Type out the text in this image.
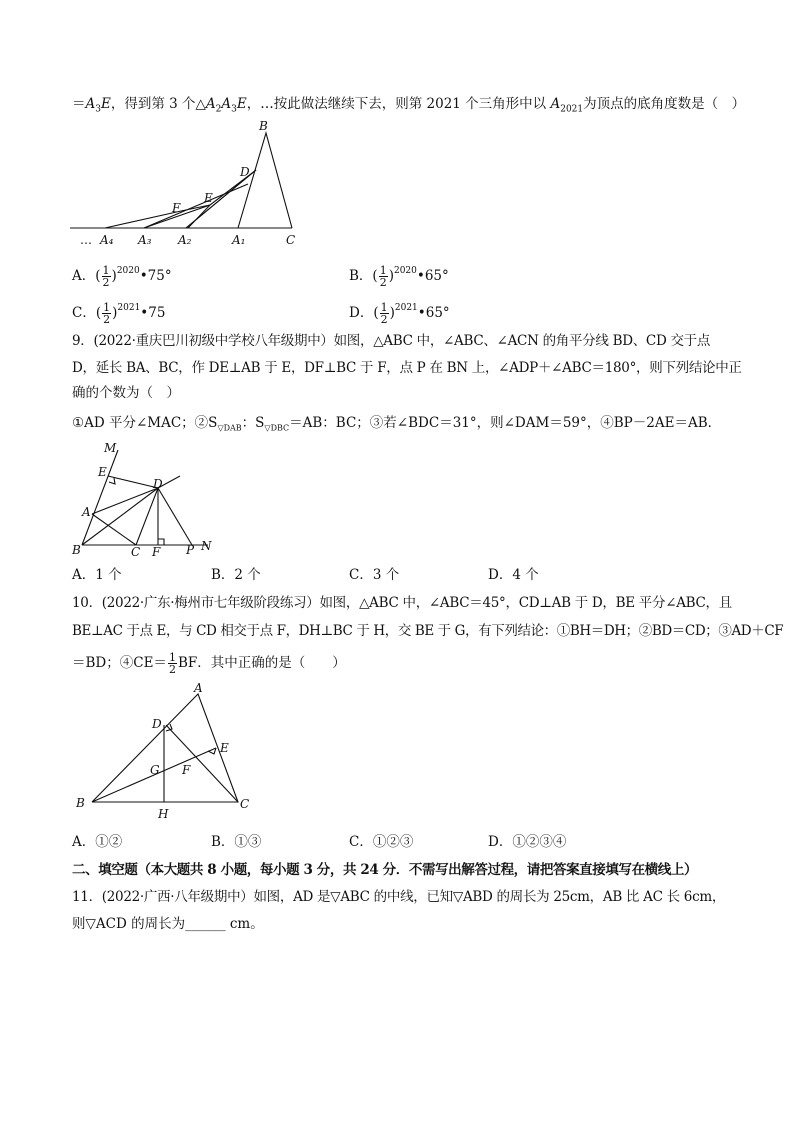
$=A_3E$，得到第 3 个$\triangle A_2A_3E$，…按此做法继续下去，则第 2021 个三角形中以 $A_{2021}$为顶点的底角度数是（　）
B
D
E
F
… A₄ A₃ A₂	A₁	C
A．( $\frac{1}{2}$ )$^{2020}$•75°	B．( $\frac{1}{2}$ )$^{2020}$•65°
C．( $\frac{1}{2}$ )$^{2021}$•75	D．( $\frac{1}{2}$ )$^{2021}$•65°
9．(2022·重庆巴川初级中学校八年级期中）如图，△ABC 中，∠ABC、∠ACN 的角平分线 BD、CD 交于点
D，延长 BA、BC，作 DE⊥AB 于 E，DF⊥BC 于 F，点 P 在 BN 上，∠ADP＋∠ABC＝180°，则下列结论中正
确的个数为（　）
①AD 平分∠MAC；$②S_{▽DAB}$：$S_{▽DBC}=AB$：BC；③若∠BDC＝31°，则∠DAM＝59°，④BP－2AE＝AB．
M
E
D
A
B	C F P N
A．1 个	B．2 个	C．3 个	D．4 个
10．(2022·广东·梅州市七年级阶段练习）如图，△ABC 中，∠ABC＝45°，CD⊥AB 于 D，BE 平分∠ABC，且
BE⊥AC 于点 E，与 CD 相交于点 F，DH⊥BC 于 H，交 BE 于 G，有下列结论：①BH＝DH；②BD＝CD；③AD＋CF
＝BD；④CE＝ $\frac{1}{2}$ BF．其中正确的是（　　）
A
D
E
G F
B
H
C
A．①②	B．①③	C．①②③	D．①②③④
二、填空题（本大题共 8 小题，每小题 3 分，共 24 分．不需写出解答过程，请把答案直接填写在横线上）
11．(2022·广西·八年级期中）如图，AD 是▽ABC 的中线，已知▽ABD 的周长为 25cm，AB 比 AC 长 6cm，
则▽ACD 的周长为______ cm。
